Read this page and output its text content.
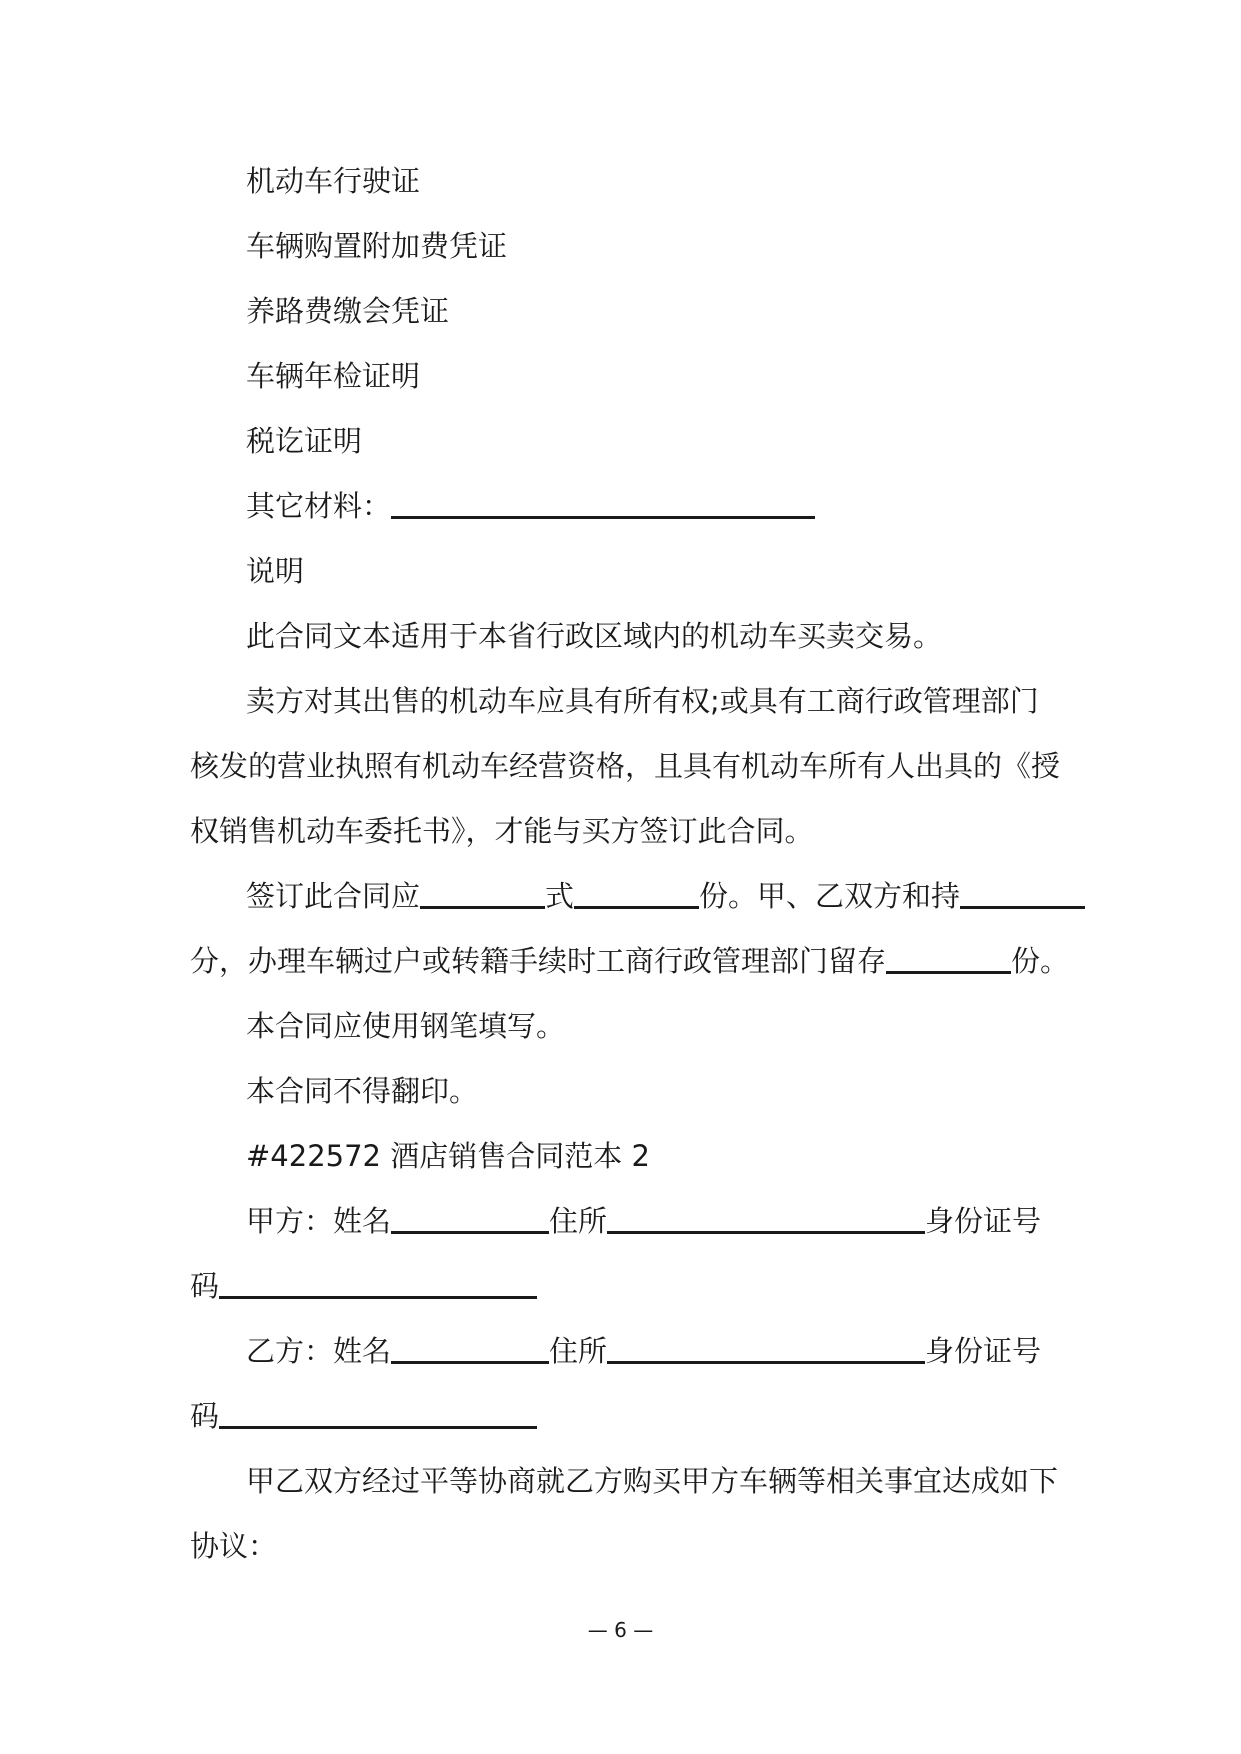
机动车行驶证
车辆购置附加费凭证
养路费缴会凭证
车辆年检证明
税讫证明
其它材料：
说明
此合同文本适用于本省行政区域内的机动车买卖交易。
卖方对其出售的机动车应具有所有权;或具有工商行政管理部门
核发的营业执照有机动车经营资格，且具有机动车所有人出具的《授
权销售机动车委托书》，才能与买方签订此合同。
签订此合同应	式	份。甲、乙双方和持
分，办理车辆过户或转籍手续时工商行政管理部门留存	份。
本合同应使用钢笔填写。
本合同不得翻印。
#422572 酒店销售合同范本 2
甲方：姓名	住所	身份证号
码
乙方：姓名	住所	身份证号
码
甲乙双方经过平等协商就乙方购买甲方车辆等相关事宜达成如下
协议：
— 6 —
